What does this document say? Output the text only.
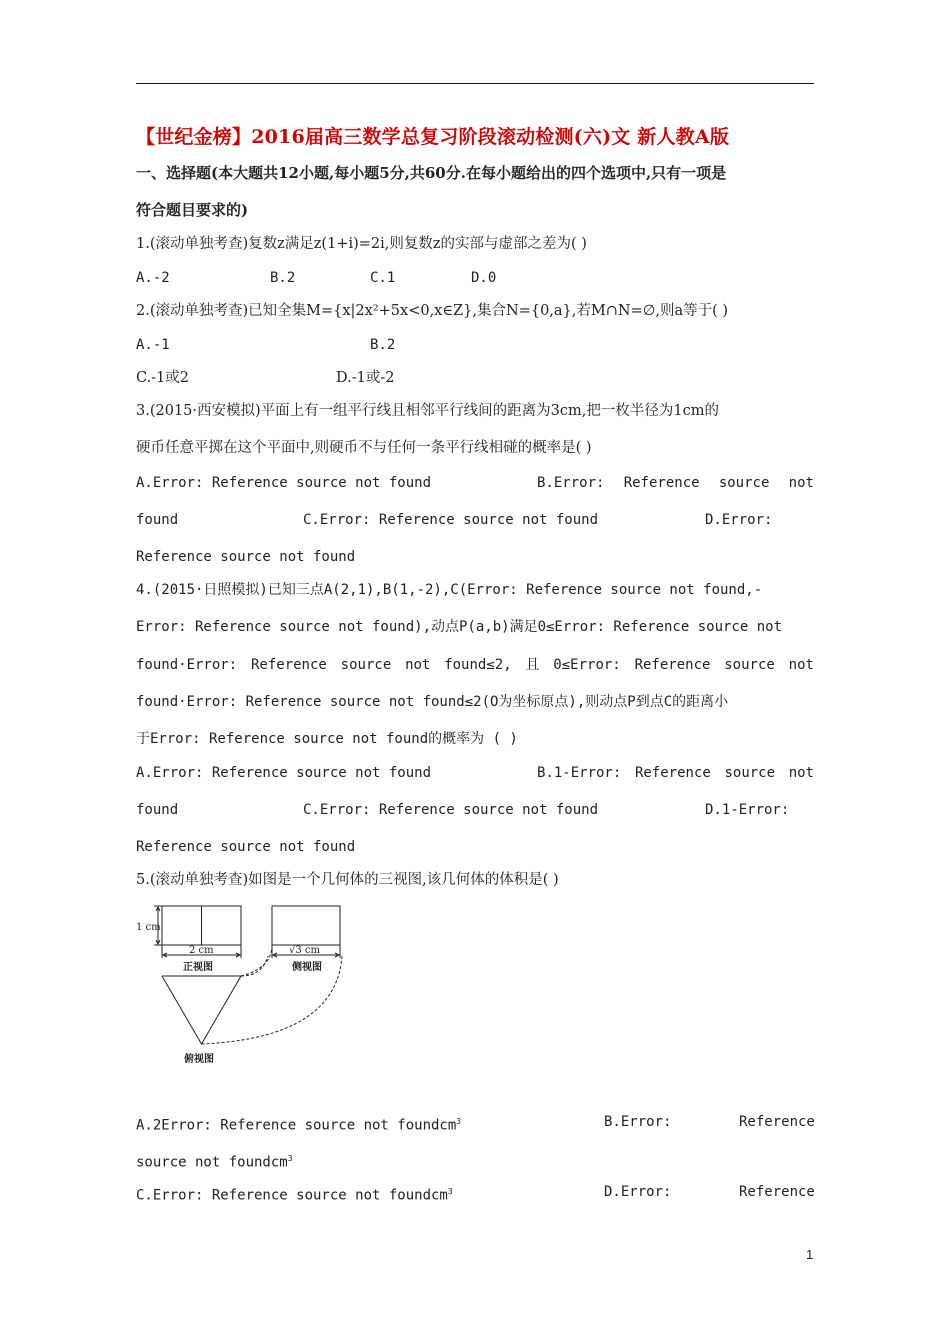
【世纪金榜】2016届高三数学总复习阶段滚动检测(六)文 新人教A版
一、选择题(本大题共12小题,每小题5分,共60分.在每小题给出的四个选项中,只有一项是
符合题目要求的)
1.(滚动单独考查)复数z满足z(1+i)=2i,则复数z的实部与虚部之差为( )
A.-2	B.2	C.1	D.0
2.(滚动单独考查)已知全集M={x|2x²+5x<0,x∈Z},集合N={0,a},若M∩N=∅,则a等于( )
A.-1	B.2
C.-1或2	D.-1或-2
3.(2015·西安模拟)平面上有一组平行线且相邻平行线间的距离为3cm,把一枚半径为1cm的
硬币任意平掷在这个平面中,则硬币不与任何一条平行线相碰的概率是( )
A.Error: Reference source not found	B.Error: Reference source not
found	C.Error: Reference source not found	D.Error:
Reference source not found
4.(2015·日照模拟)已知三点A(2,1),B(1,-2),C(Error: Reference source not found,-
Error: Reference source not found),动点P(a,b)满足0≤Error: Reference source not
found·Error: Reference source not found≤2, 且 0≤Error: Reference source not
found·Error: Reference source not found≤2(O为坐标原点),则动点P到点C的距离小
于Error: Reference source not found的概率为 ( )
A.Error: Reference source not found	B.1-Error: Reference source not
found	C.Error: Reference source not found	D.1-Error:
Reference source not found
5.(滚动单独考查)如图是一个几何体的三视图,该几何体的体积是( )
1 cm
2 cm	√3 cm
正视图	侧视图
俯视图
A.2Error: Reference source not foundcm$^3$	B.Error:	Reference
source not foundcm$^3$
C.Error: Reference source not foundcm$^3$	D.Error:	Reference
1
